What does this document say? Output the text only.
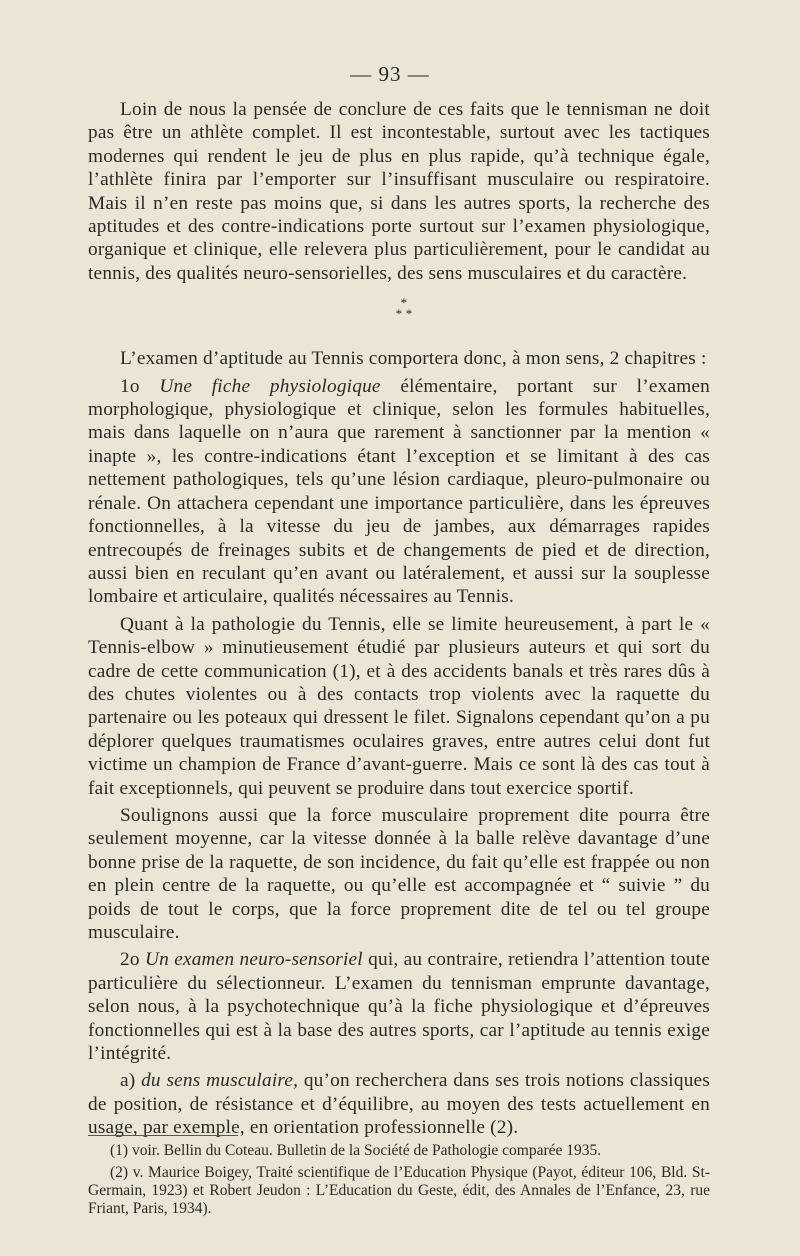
— 93 —

Loin de nous la pensée de conclure de ces faits que le tennisman ne doit pas être un athlète complet. Il est incontestable, surtout avec les tactiques modernes qui rendent le jeu de plus en plus rapide, qu’à technique égale, l’athlète finira par l’emporter sur l’insuffisant musculaire ou respiratoire. Mais il n’en reste pas moins que, si dans les autres sports, la recherche des aptitudes et des contre-indications porte surtout sur l’examen physiologique, organique et clinique, elle relevera plus particulièrement, pour le candidat au tennis, des qualités neuro-sensorielles, des sens musculaires et du caractère.

*
* *

L’examen d’aptitude au Tennis comportera donc, à mon sens, 2 chapitres :

1o Une fiche physiologique élémentaire, portant sur l’examen morphologique, physiologique et clinique, selon les formules habituelles, mais dans laquelle on n’aura que rarement à sanctionner par la mention « inapte », les contre-indications étant l’exception et se limitant à des cas nettement pathologiques, tels qu’une lésion cardiaque, pleuro-pulmonaire ou rénale. On attachera cependant une importance particulière, dans les épreuves fonctionnelles, à la vitesse du jeu de jambes, aux démarrages rapides entrecoupés de freinages subits et de changements de pied et de direction, aussi bien en reculant qu’en avant ou latéralement, et aussi sur la souplesse lombaire et articulaire, qualités nécessaires au Tennis.

Quant à la pathologie du Tennis, elle se limite heureusement, à part le « Tennis-elbow » minutieusement étudié par plusieurs auteurs et qui sort du cadre de cette communication (1), et à des accidents banals et très rares dûs à des chutes violentes ou à des contacts trop violents avec la raquette du partenaire ou les poteaux qui dressent le filet. Signalons cependant qu’on a pu déplorer quelques traumatismes oculaires graves, entre autres celui dont fut victime un champion de France d’avant-guerre. Mais ce sont là des cas tout à fait exceptionnels, qui peuvent se produire dans tout exercice sportif.

Soulignons aussi que la force musculaire proprement dite pourra être seulement moyenne, car la vitesse donnée à la balle relève davantage d’une bonne prise de la raquette, de son incidence, du fait qu’elle est frappée ou non en plein centre de la raquette, ou qu’elle est accompagnée et “ suivie ” du poids de tout le corps, que la force proprement dite de tel ou tel groupe musculaire.

2o Un examen neuro-sensoriel qui, au contraire, retiendra l’attention toute particulière du sélectionneur. L’examen du tennisman emprunte davantage, selon nous, à la psychotechnique qu’à la fiche physiologique et d’épreuves fonctionnelles qui est à la base des autres sports, car l’aptitude au tennis exige l’intégrité.

a) du sens musculaire, qu’on recherchera dans ses trois notions classiques de position, de résistance et d’équilibre, au moyen des tests actuellement en usage, par exemple, en orientation professionnelle (2).

(1) voir. Bellin du Coteau. Bulletin de la Société de Pathologie comparée 1935.

(2) v. Maurice Boigey, Traité scientifique de l’Education Physique (Payot, éditeur 106, Bld. St-Germain, 1923) et Robert Jeudon : L’Education du Geste, édit, des Annales de l’Enfance, 23, rue Friant, Paris, 1934).
